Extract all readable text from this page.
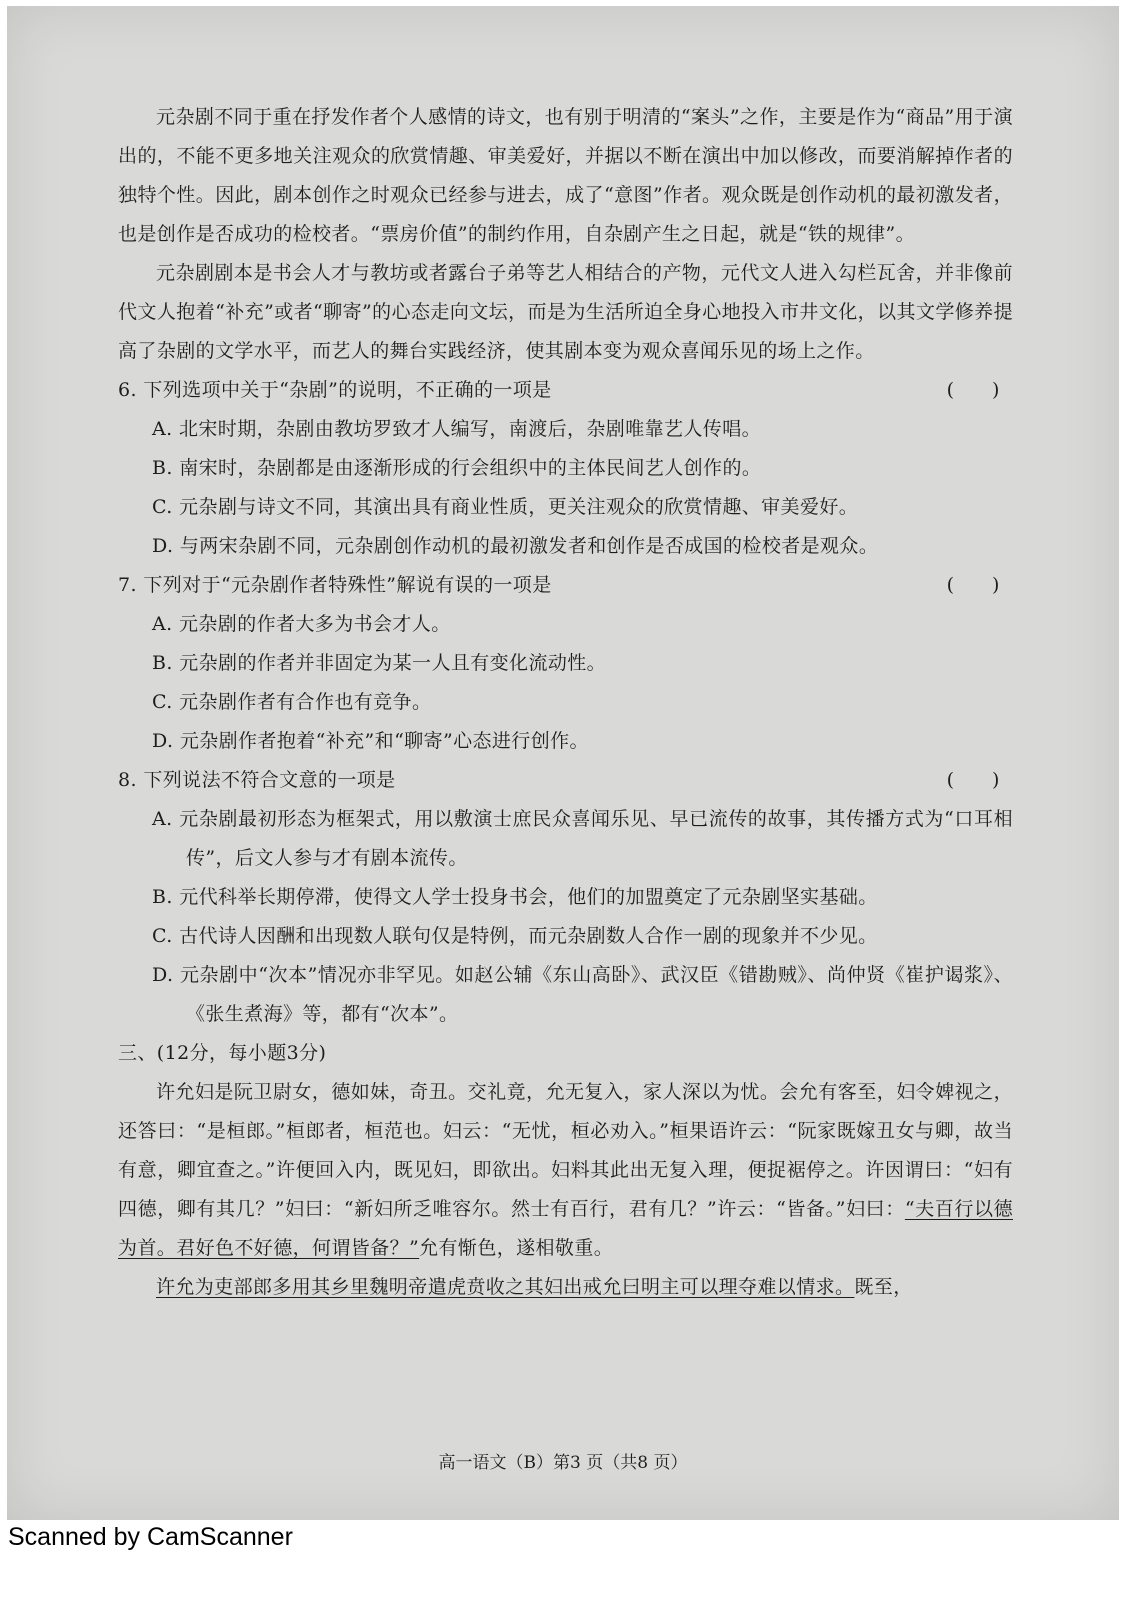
元杂剧不同于重在抒发作者个人感情的诗文，也有别于明清的“案头”之作，主要是作为“商品”用于演出的，不能不更多地关注观众的欣赏情趣、审美爱好，并据以不断在演出中加以修改，而要消解掉作者的独特个性。因此，剧本创作之时观众已经参与进去，成了“意图”作者。观众既是创作动机的最初激发者，也是创作是否成功的检校者。“票房价值”的制约作用，自杂剧产生之日起，就是“铁的规律”。

元杂剧剧本是书会人才与教坊或者露台子弟等艺人相结合的产物，元代文人进入勾栏瓦舍，并非像前代文人抱着“补充”或者“聊寄”的心态走向文坛，而是为生活所迫全身心地投入市井文化，以其文学修养提高了杂剧的文学水平，而艺人的舞台实践经济，使其剧本变为观众喜闻乐见的场上之作。

6. 下列选项中关于“杂剧”的说明，不正确的一项是	(　　)

A. 北宋时期，杂剧由教坊罗致才人编写，南渡后，杂剧唯靠艺人传唱。

B. 南宋时，杂剧都是由逐渐形成的行会组织中的主体民间艺人创作的。

C. 元杂剧与诗文不同，其演出具有商业性质，更关注观众的欣赏情趣、审美爱好。

D. 与两宋杂剧不同，元杂剧创作动机的最初激发者和创作是否成国的检校者是观众。

7. 下列对于“元杂剧作者特殊性”解说有误的一项是	(　　)

A. 元杂剧的作者大多为书会才人。

B. 元杂剧的作者并非固定为某一人且有变化流动性。

C. 元杂剧作者有合作也有竞争。

D. 元杂剧作者抱着“补充”和“聊寄”心态进行创作。

8. 下列说法不符合文意的一项是	(　　)

A. 元杂剧最初形态为框架式，用以敷演士庶民众喜闻乐见、早已流传的故事，其传播方式为“口耳相传”，后文人参与才有剧本流传。

B. 元代科举长期停滞，使得文人学士投身书会，他们的加盟奠定了元杂剧坚实基础。

C. 古代诗人因酬和出现数人联句仅是特例，而元杂剧数人合作一剧的现象并不少见。

D. 元杂剧中“次本”情况亦非罕见。如赵公辅《东山高卧》、武汉臣《错勘贼》、尚仲贤《崔护谒浆》、《张生煮海》等，都有“次本”。

三、(12分，每小题3分)

许允妇是阮卫尉女，德如妹，奇丑。交礼竟，允无复入，家人深以为忧。会允有客至，妇令婢视之，还答曰：“是桓郎。”桓郎者，桓范也。妇云：“无忧，桓必劝入。”桓果语许云：“阮家既嫁丑女与卿，故当有意，卿宜查之。”许便回入内，既见妇，即欲出。妇料其此出无复入理，便捉裾停之。许因谓曰：“妇有四德，卿有其几？”妇曰：“新妇所乏唯容尔。然士有百行，君有几？”许云：“皆备。”妇曰：“夫百行以德为首。君好色不好德，何谓皆备？”允有惭色，遂相敬重。

许允为吏部郎多用其乡里魏明帝遣虎贲收之其妇出戒允曰明主可以理夺难以情求。既至，

高一语文（B）第3 页（共8 页）
Scanned by CamScanner
